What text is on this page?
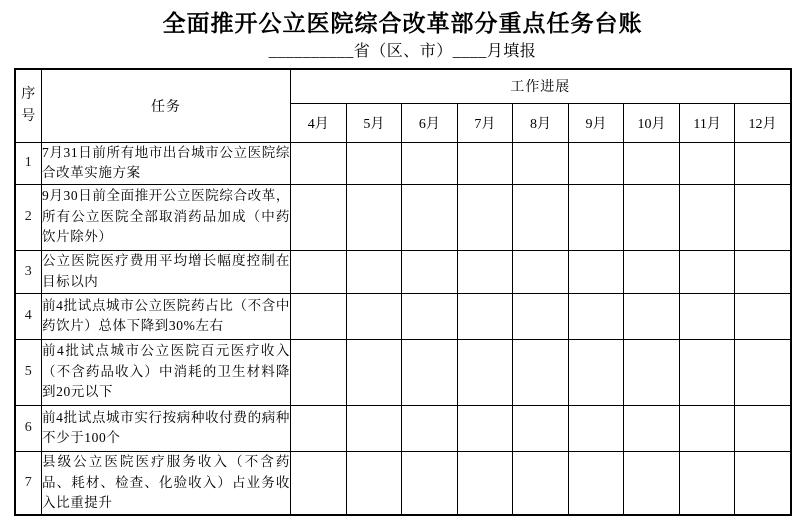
全面推开公立医院综合改革部分重点任务台账
__________省（区、市）____月填报
序号	任务	工作进展								
		4月	5月	6月	7月	8月	9月	10月	11月	12月
1	7月31日前所有地市出台城市公立医院综合改革实施方案									
2	9月30日前全面推开公立医院综合改革，所有公立医院全部取消药品加成（中药饮片除外）									
3	公立医院医疗费用平均增长幅度控制在目标以内									
4	前4批试点城市公立医院药占比（不含中药饮片）总体下降到30%左右									
5	前4批试点城市公立医院百元医疗收入（不含药品收入）中消耗的卫生材料降到20元以下									
6	前4批试点城市实行按病种收付费的病种不少于100个									
7	县级公立医院医疗服务收入（不含药品、耗材、检查、化验收入）占业务收入比重提升									
